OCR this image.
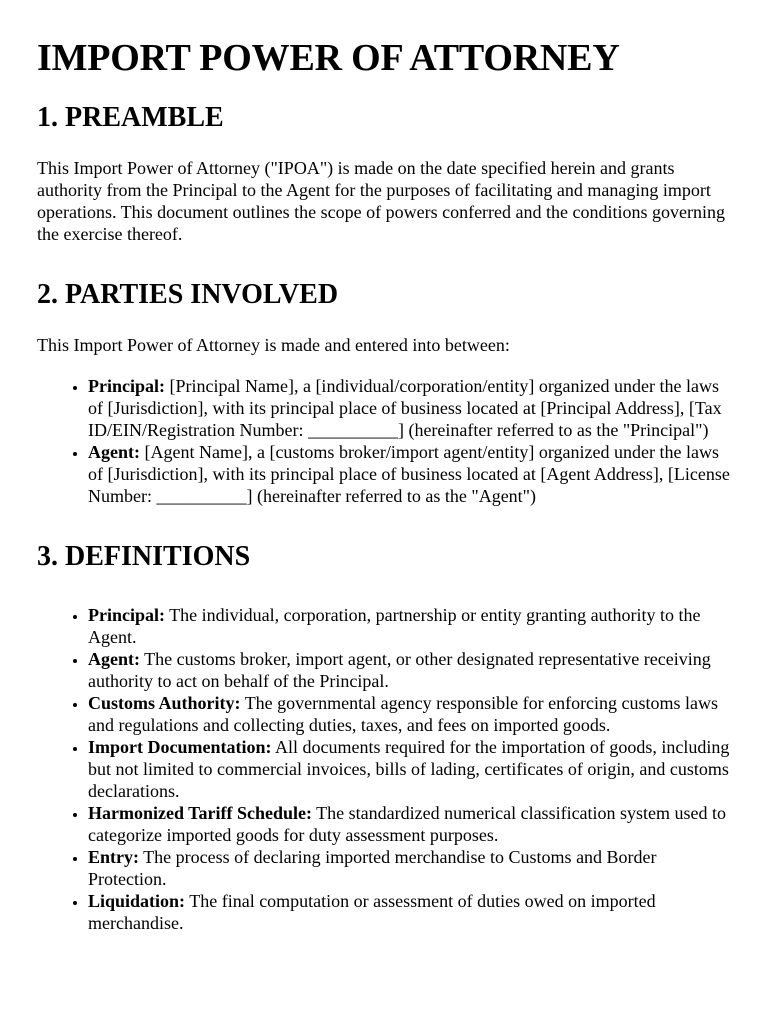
IMPORT POWER OF ATTORNEY
1. PREAMBLE

This Import Power of Attorney ("IPOA") is made on the date specified herein and grants authority from the Principal to the Agent for the purposes of facilitating and managing import operations. This document outlines the scope of powers conferred and the conditions governing the exercise thereof.

2. PARTIES INVOLVED

This Import Power of Attorney is made and entered into between:

• Principal: [Principal Name], a [individual/corporation/entity] organized under the laws of [Jurisdiction], with its principal place of business located at [Principal Address], [Tax ID/EIN/Registration Number: __________] (hereinafter referred to as the "Principal")
• Agent: [Agent Name], a [customs broker/import agent/entity] organized under the laws of [Jurisdiction], with its principal place of business located at [Agent Address], [License Number: __________] (hereinafter referred to as the "Agent")
3. DEFINITIONS
• Principal: The individual, corporation, partnership or entity granting authority to the Agent.
• Agent: The customs broker, import agent, or other designated representative receiving authority to act on behalf of the Principal.
• Customs Authority: The governmental agency responsible for enforcing customs laws and regulations and collecting duties, taxes, and fees on imported goods.
• Import Documentation: All documents required for the importation of goods, including but not limited to commercial invoices, bills of lading, certificates of origin, and customs declarations.
• Harmonized Tariff Schedule: The standardized numerical classification system used to categorize imported goods for duty assessment purposes.
• Entry: The process of declaring imported merchandise to Customs and Border Protection.
• Liquidation: The final computation or assessment of duties owed on imported merchandise.
